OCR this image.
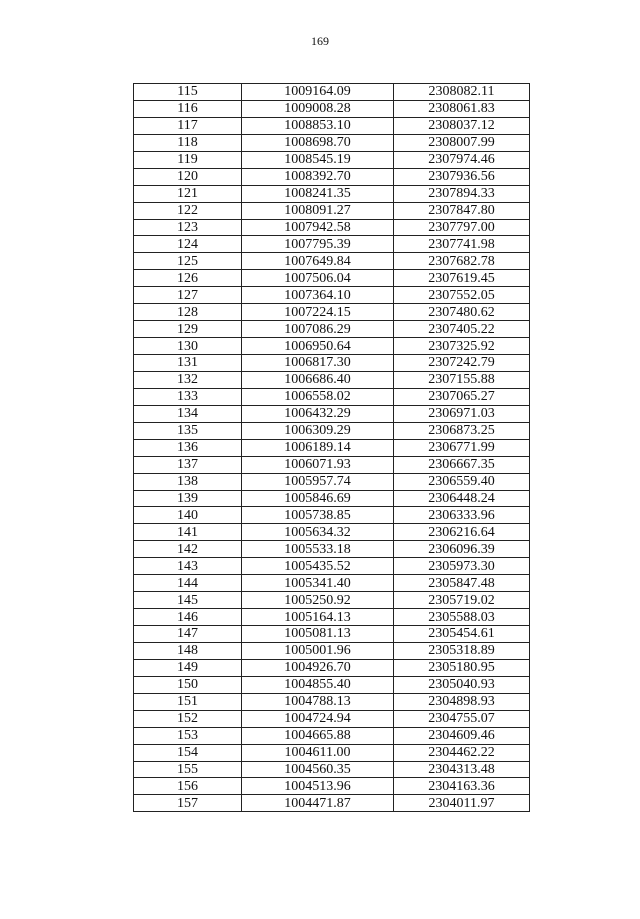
169
115	1009164.09	2308082.11
116	1009008.28	2308061.83
117	1008853.10	2308037.12
118	1008698.70	2308007.99
119	1008545.19	2307974.46
120	1008392.70	2307936.56
121	1008241.35	2307894.33
122	1008091.27	2307847.80
123	1007942.58	2307797.00
124	1007795.39	2307741.98
125	1007649.84	2307682.78
126	1007506.04	2307619.45
127	1007364.10	2307552.05
128	1007224.15	2307480.62
129	1007086.29	2307405.22
130	1006950.64	2307325.92
131	1006817.30	2307242.79
132	1006686.40	2307155.88
133	1006558.02	2307065.27
134	1006432.29	2306971.03
135	1006309.29	2306873.25
136	1006189.14	2306771.99
137	1006071.93	2306667.35
138	1005957.74	2306559.40
139	1005846.69	2306448.24
140	1005738.85	2306333.96
141	1005634.32	2306216.64
142	1005533.18	2306096.39
143	1005435.52	2305973.30
144	1005341.40	2305847.48
145	1005250.92	2305719.02
146	1005164.13	2305588.03
147	1005081.13	2305454.61
148	1005001.96	2305318.89
149	1004926.70	2305180.95
150	1004855.40	2305040.93
151	1004788.13	2304898.93
152	1004724.94	2304755.07
153	1004665.88	2304609.46
154	1004611.00	2304462.22
155	1004560.35	2304313.48
156	1004513.96	2304163.36
157	1004471.87	2304011.97
